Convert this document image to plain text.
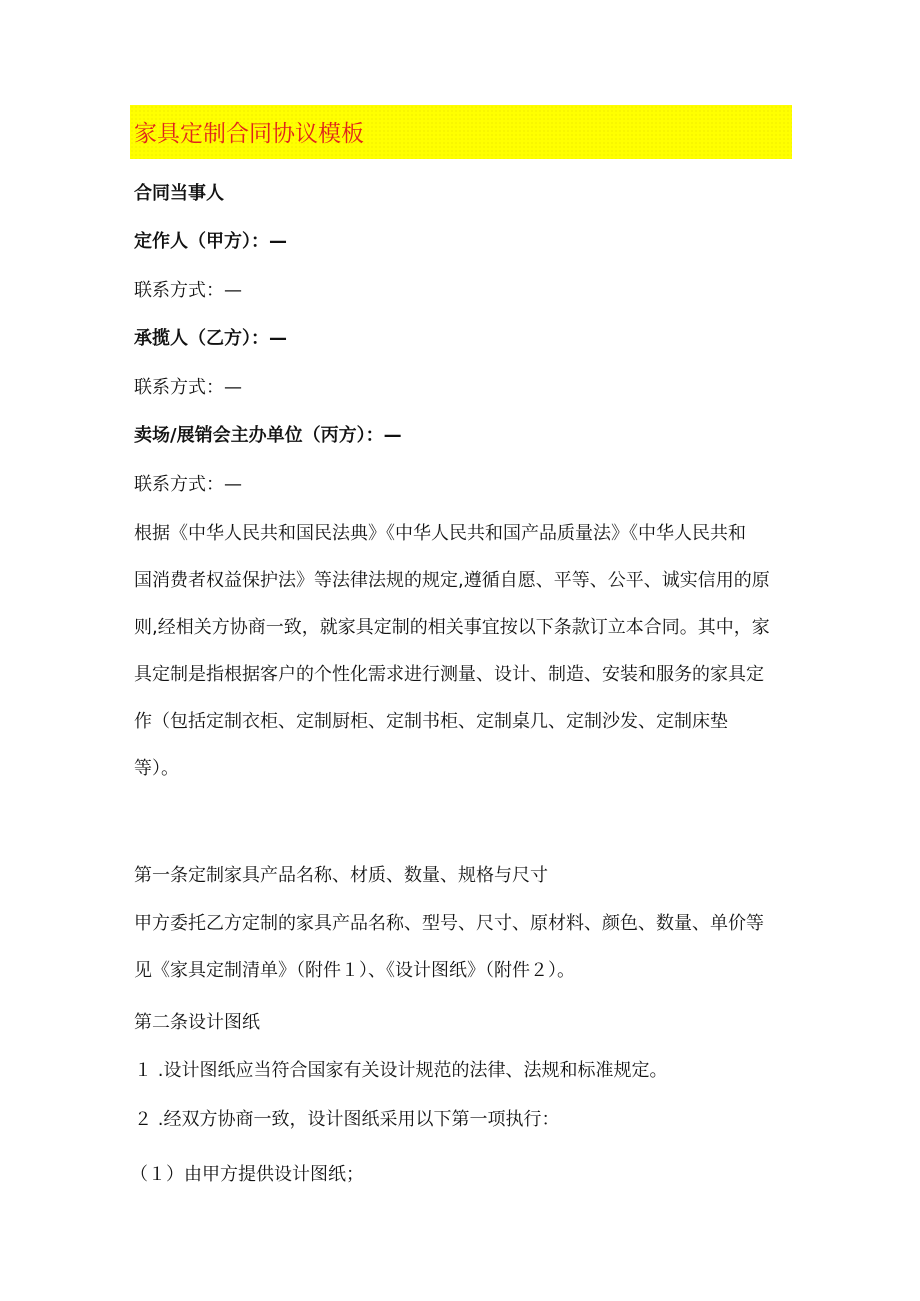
家具定制合同协议模板
合同当事人
定作人（甲方）：—
联系方式：—
承揽人（乙方）：—
联系方式：—
卖场/展销会主办单位（丙方）：—
联系方式：—
根据《中华人民共和国民法典》《中华人民共和国产品质量法》《中华人民共和
国消费者权益保护法》等法律法规的规定,遵循自愿、平等、公平、诚实信用的原
则,经相关方协商一致，就家具定制的相关事宜按以下条款订立本合同。其中，家
具定制是指根据客户的个性化需求进行测量、设计、制造、安装和服务的家具定
作（包括定制衣柜、定制厨柜、定制书柜、定制桌几、定制沙发、定制床垫
等）。
第一条定制家具产品名称、材质、数量、规格与尺寸
甲方委托乙方定制的家具产品名称、型号、尺寸、原材料、颜色、数量、单价等
见《家具定制清单》（附件１）、《设计图纸》（附件２）。
第二条设计图纸
１ .设计图纸应当符合国家有关设计规范的法律、法规和标准规定。
２ .经双方协商一致，设计图纸采用以下第一项执行：
（１）由甲方提供设计图纸；
